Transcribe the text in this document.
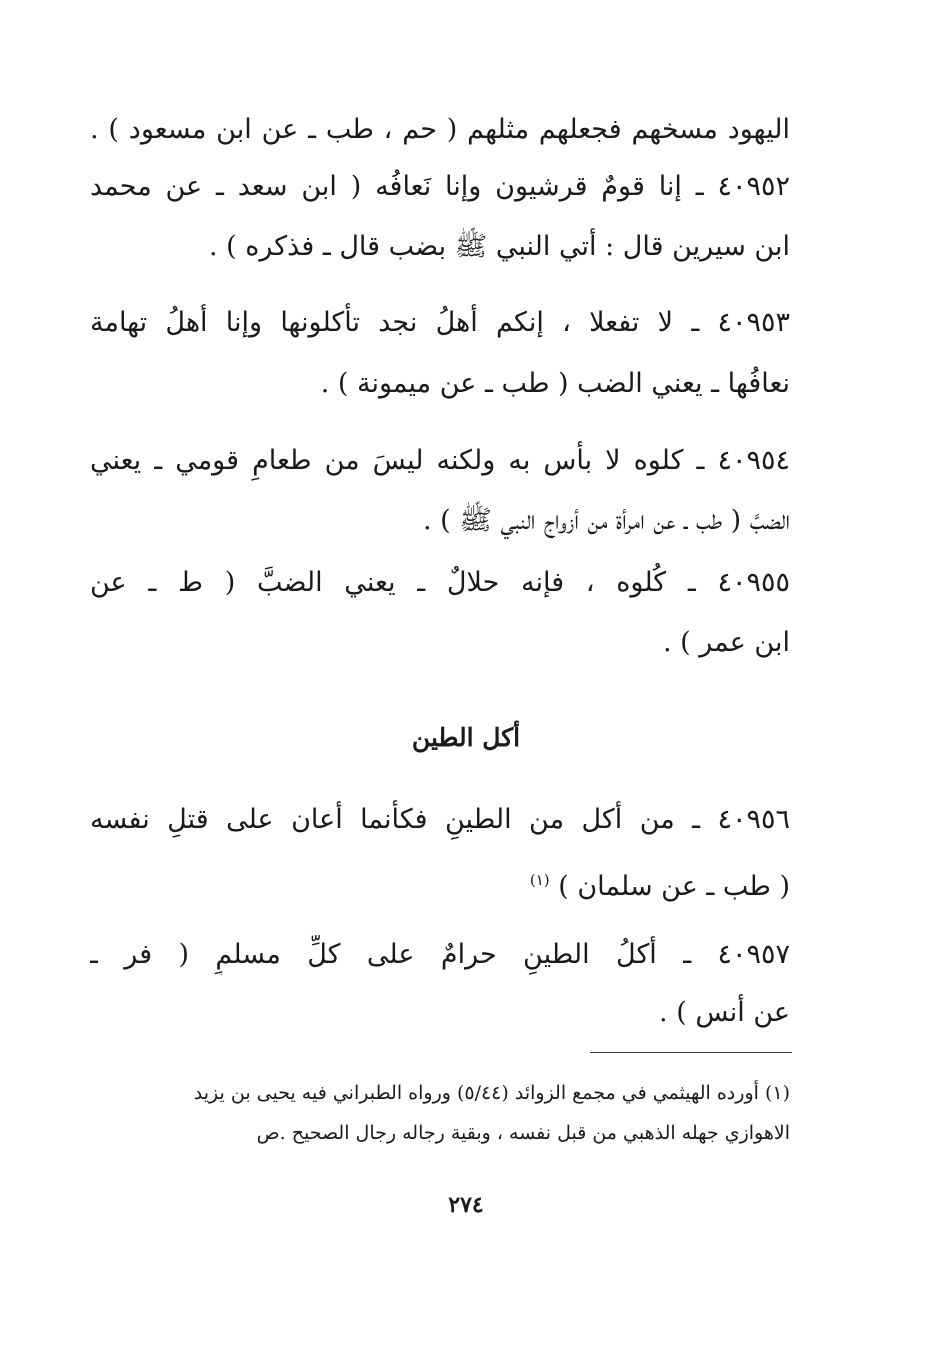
اليهود مسخهم فجعلهم مثلهم ( حم ، طب ـ عن ابن مسعود ) .
٤٠٩٥٢ ـ إنا قومٌ قرشيون وإنا نَعافُه ( ابن سعد ـ عن محمد
ابن سيرين قال : أُتي النبي ﷺ بضب قال ـ فذكره ) .
٤٠٩٥٣ ـ لا تفعلا ، إنكم أهلُ نجد تأكلونها وإنا أهلُ تهامة
نعافُها ـ يعني الضب ( طب ـ عن ميمونة ) .
٤٠٩٥٤ ـ كلوه لا بأس به ولكنه ليسَ من طعامِ قومي ـ يعني
الضبَّ ( طب ـ عن امرأة من أزواج النبي ﷺ ) .
٤٠٩٥٥ ـ كُلوه ، فإنه حلالٌ ـ يعني الضبَّ ( ط ـ عن
ابن عمر ) .
أكل الطين
٤٠٩٥٦ ـ من أكل من الطينِ فكأنما أعان على قتلِ نفسه
( طب ـ عن سلمان ) $^{(١)}$
٤٠٩٥٧ ـ أكلُ الطينِ حرامٌ على كلِّ مسلمٍ ( فر ـ
عن أنس ) .
(١) أورده الهيثمي في مجمع الزوائد (٥/٤٤) ورواه الطبراني فيه يحيى بن يزيد
الاهوازي جهله الذهبي من قبل نفسه ، وبقية رجاله رجال الصحيح .ص
٢٧٤
